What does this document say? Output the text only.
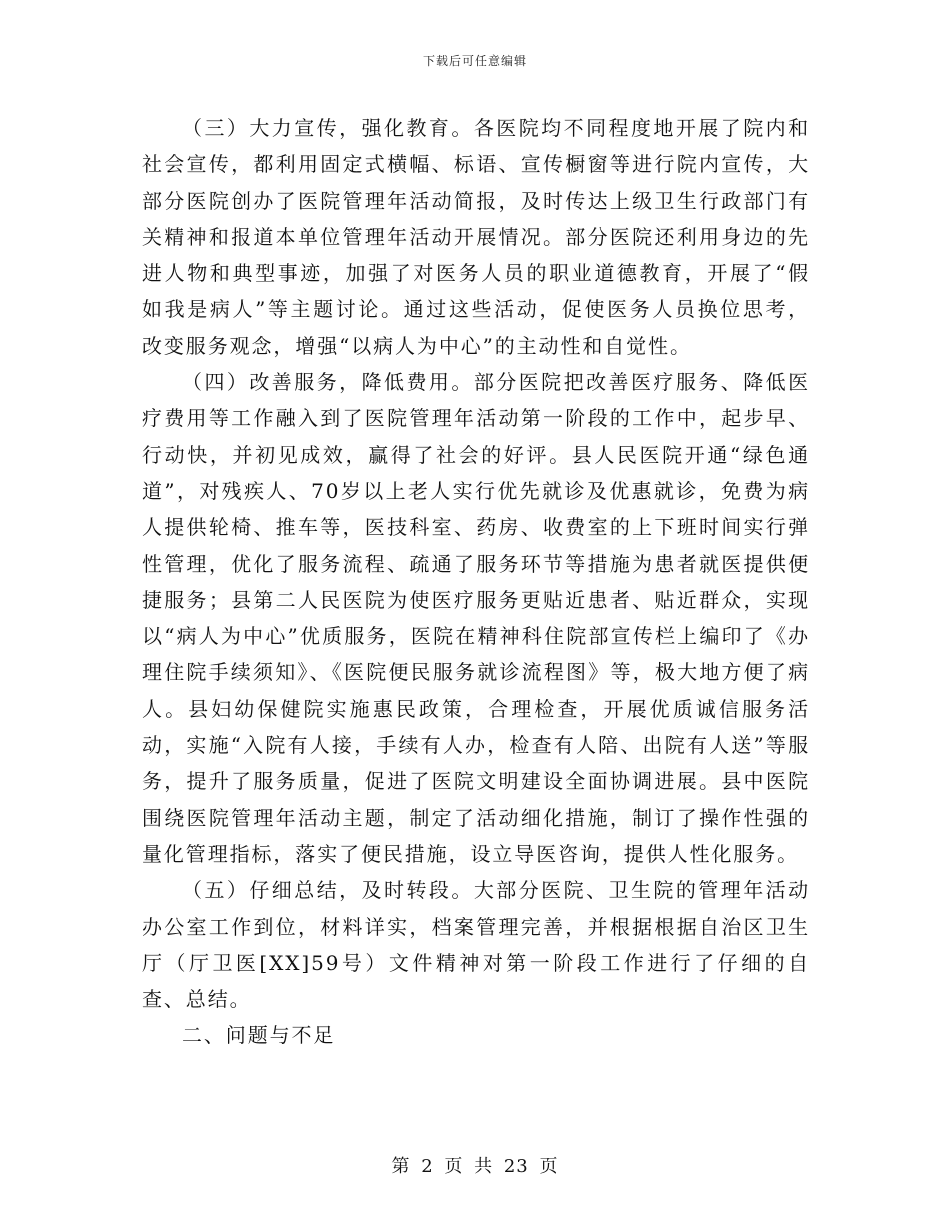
下载后可任意编辑

（三）大力宣传，强化教育。各医院均不同程度地开展了院内和社会宣传，都利用固定式横幅、标语、宣传橱窗等进行院内宣传，大部分医院创办了医院管理年活动简报，及时传达上级卫生行政部门有关精神和报道本单位管理年活动开展情况。部分医院还利用身边的先进人物和典型事迹，加强了对医务人员的职业道德教育，开展了“假如我是病人”等主题讨论。通过这些活动，促使医务人员换位思考，改变服务观念，增强“以病人为中心”的主动性和自觉性。

（四）改善服务，降低费用。部分医院把改善医疗服务、降低医疗费用等工作融入到了医院管理年活动第一阶段的工作中，起步早、行动快，并初见成效，赢得了社会的好评。县人民医院开通“绿色通道”，对残疾人、70岁以上老人实行优先就诊及优惠就诊，免费为病人提供轮椅、推车等，医技科室、药房、收费室的上下班时间实行弹性管理，优化了服务流程、疏通了服务环节等措施为患者就医提供便捷服务；县第二人民医院为使医疗服务更贴近患者、贴近群众，实现以“病人为中心”优质服务，医院在精神科住院部宣传栏上编印了《办理住院手续须知》、《医院便民服务就诊流程图》等，极大地方便了病人。县妇幼保健院实施惠民政策，合理检查，开展优质诚信服务活动，实施“入院有人接，手续有人办，检查有人陪、出院有人送”等服务，提升了服务质量，促进了医院文明建设全面协调进展。县中医院围绕医院管理年活动主题，制定了活动细化措施，制订了操作性强的量化管理指标，落实了便民措施，设立导医咨询，提供人性化服务。

（五）仔细总结，及时转段。大部分医院、卫生院的管理年活动办公室工作到位，材料详实，档案管理完善，并根据根据自治区卫生厅（厅卫医[XX]59号）文件精神对第一阶段工作进行了仔细的自查、总结。

二、问题与不足

第 2 页 共 23 页
